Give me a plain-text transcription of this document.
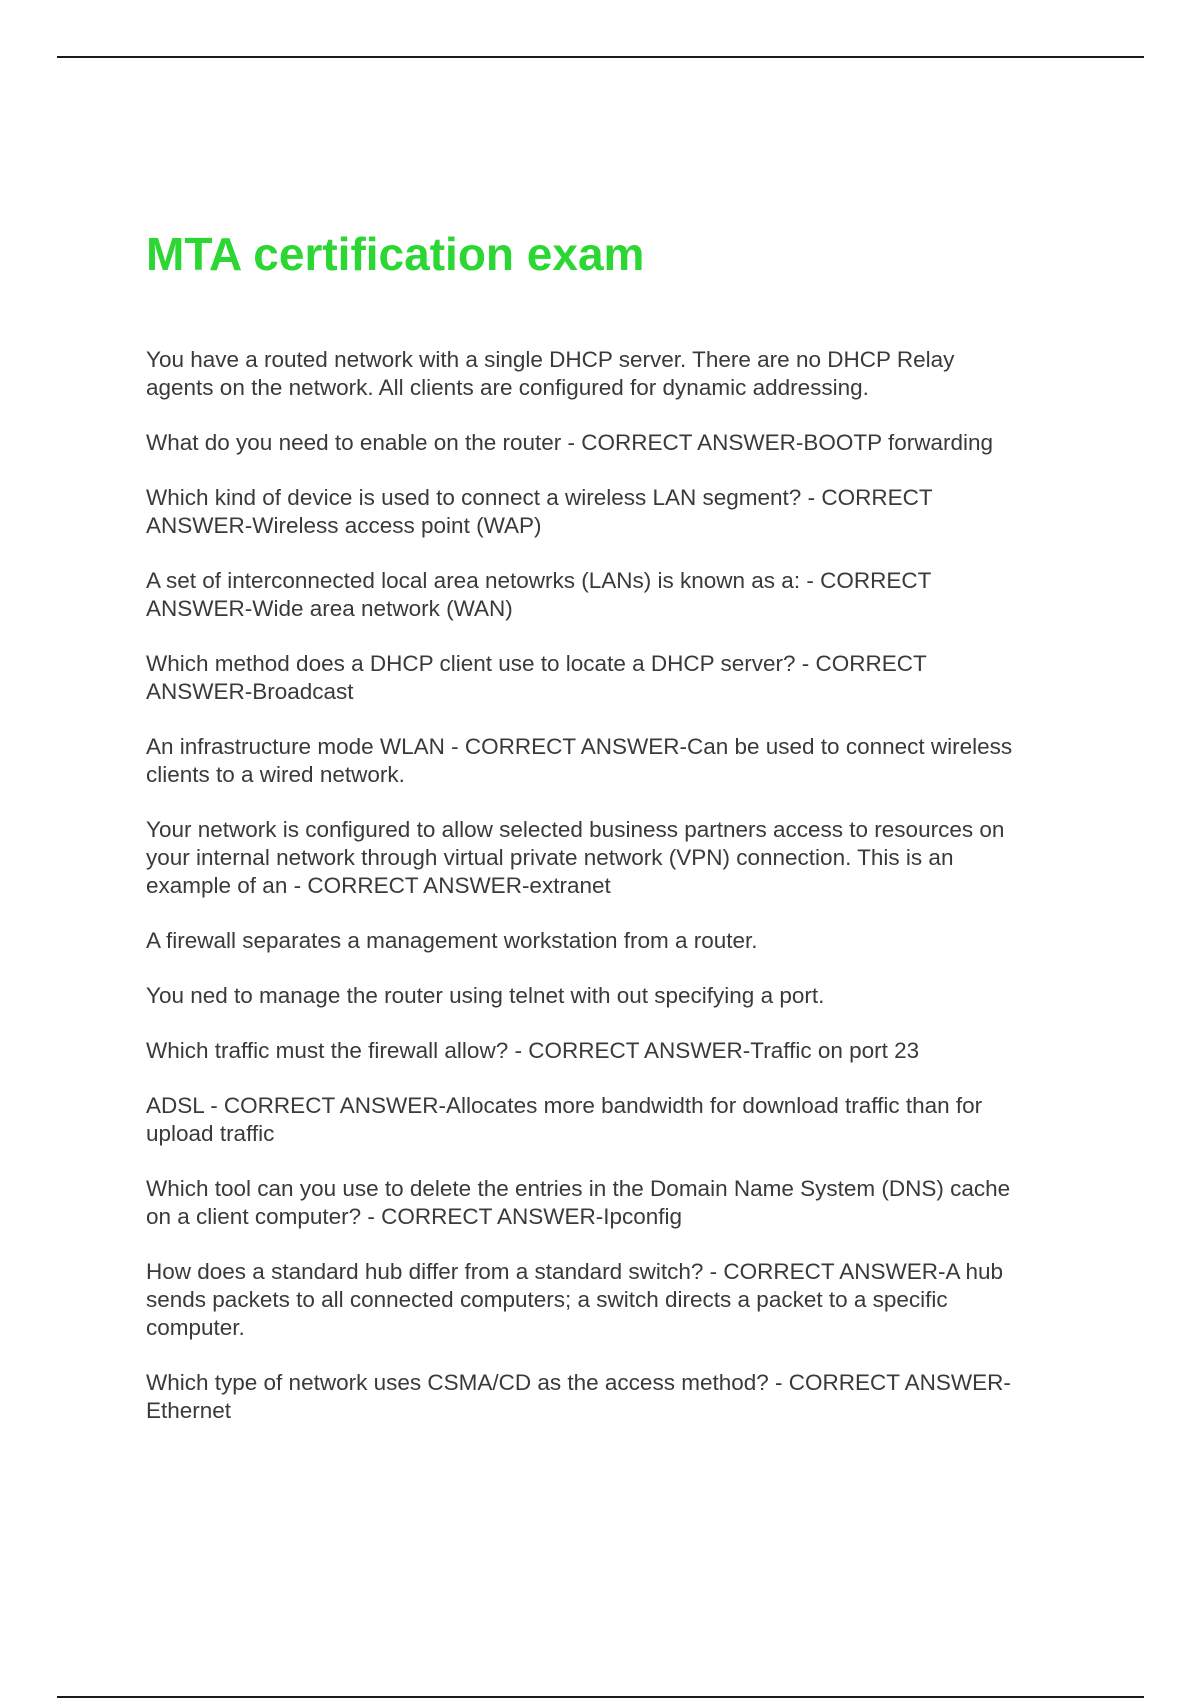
MTA certification exam
You have a routed network with a single DHCP server. There are no DHCP Relay
agents on the network. All clients are configured for dynamic addressing.
What do you need to enable on the router - CORRECT ANSWER-BOOTP forwarding
Which kind of device is used to connect a wireless LAN segment? - CORRECT
ANSWER-Wireless access point (WAP)
A set of interconnected local area netowrks (LANs) is known as a: - CORRECT
ANSWER-Wide area network (WAN)
Which method does a DHCP client use to locate a DHCP server? - CORRECT
ANSWER-Broadcast
An infrastructure mode WLAN - CORRECT ANSWER-Can be used to connect wireless
clients to a wired network.
Your network is configured to allow selected business partners access to resources on
your internal network through virtual private network (VPN) connection. This is an
example of an - CORRECT ANSWER-extranet
A firewall separates a management workstation from a router.
You ned to manage the router using telnet with out specifying a port.
Which traffic must the firewall allow? - CORRECT ANSWER-Traffic on port 23
ADSL - CORRECT ANSWER-Allocates more bandwidth for download traffic than for
upload traffic
Which tool can you use to delete the entries in the Domain Name System (DNS) cache
on a client computer? - CORRECT ANSWER-Ipconfig
How does a standard hub differ from a standard switch? - CORRECT ANSWER-A hub
sends packets to all connected computers; a switch directs a packet to a specific
computer.
Which type of network uses CSMA/CD as the access method? - CORRECT ANSWER-
Ethernet
